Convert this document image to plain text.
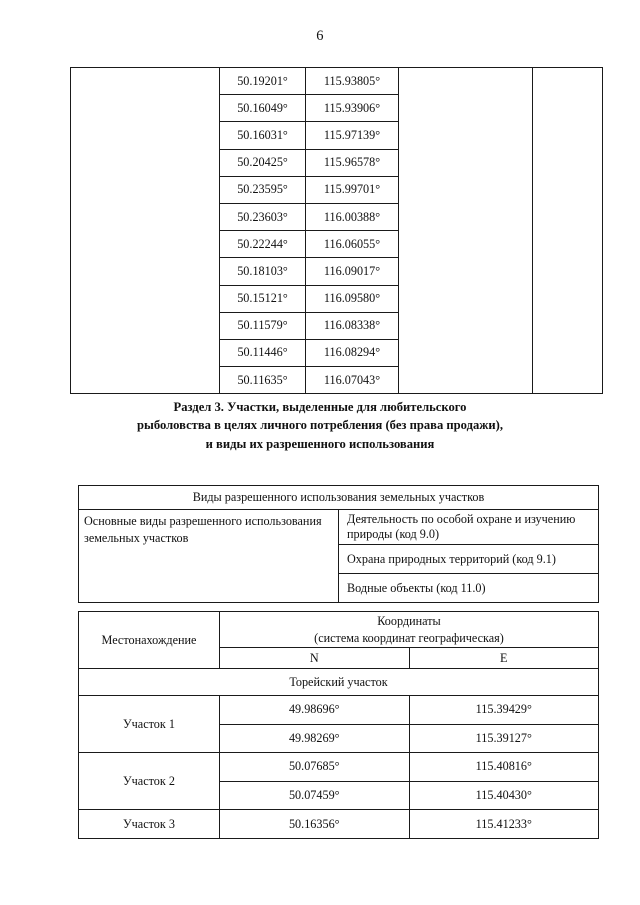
6
	50.19201°	115.93805°		
	50.16049°	115.93906°		
	50.16031°	115.97139°		
	50.20425°	115.96578°		
	50.23595°	115.99701°		
	50.23603°	116.00388°		
	50.22244°	116.06055°		
	50.18103°	116.09017°		
	50.15121°	116.09580°		
	50.11579°	116.08338°		
	50.11446°	116.08294°		
	50.11635°	116.07043°		
Раздел 3. Участки, выделенные для любительского
рыболовства в целях личного потребления (без права продажи),
и виды их разрешенного использования
Виды разрешенного использования земельных участков
Основные виды разрешенного использования земельных участков	Деятельность по особой охране и изучению природы (код 9.0)
Охрана природных территорий (код 9.1)
Водные объекты (код 11.0)
Местонахождение	Координаты
(система координат географическая)	

	N	E
Торейский участок		
Участок 1	49.98696°	115.39429°
	49.98269°	115.39127°
Участок 2	50.07685°	115.40816°
	50.07459°	115.40430°
Участок 3	50.16356°	115.41233°
